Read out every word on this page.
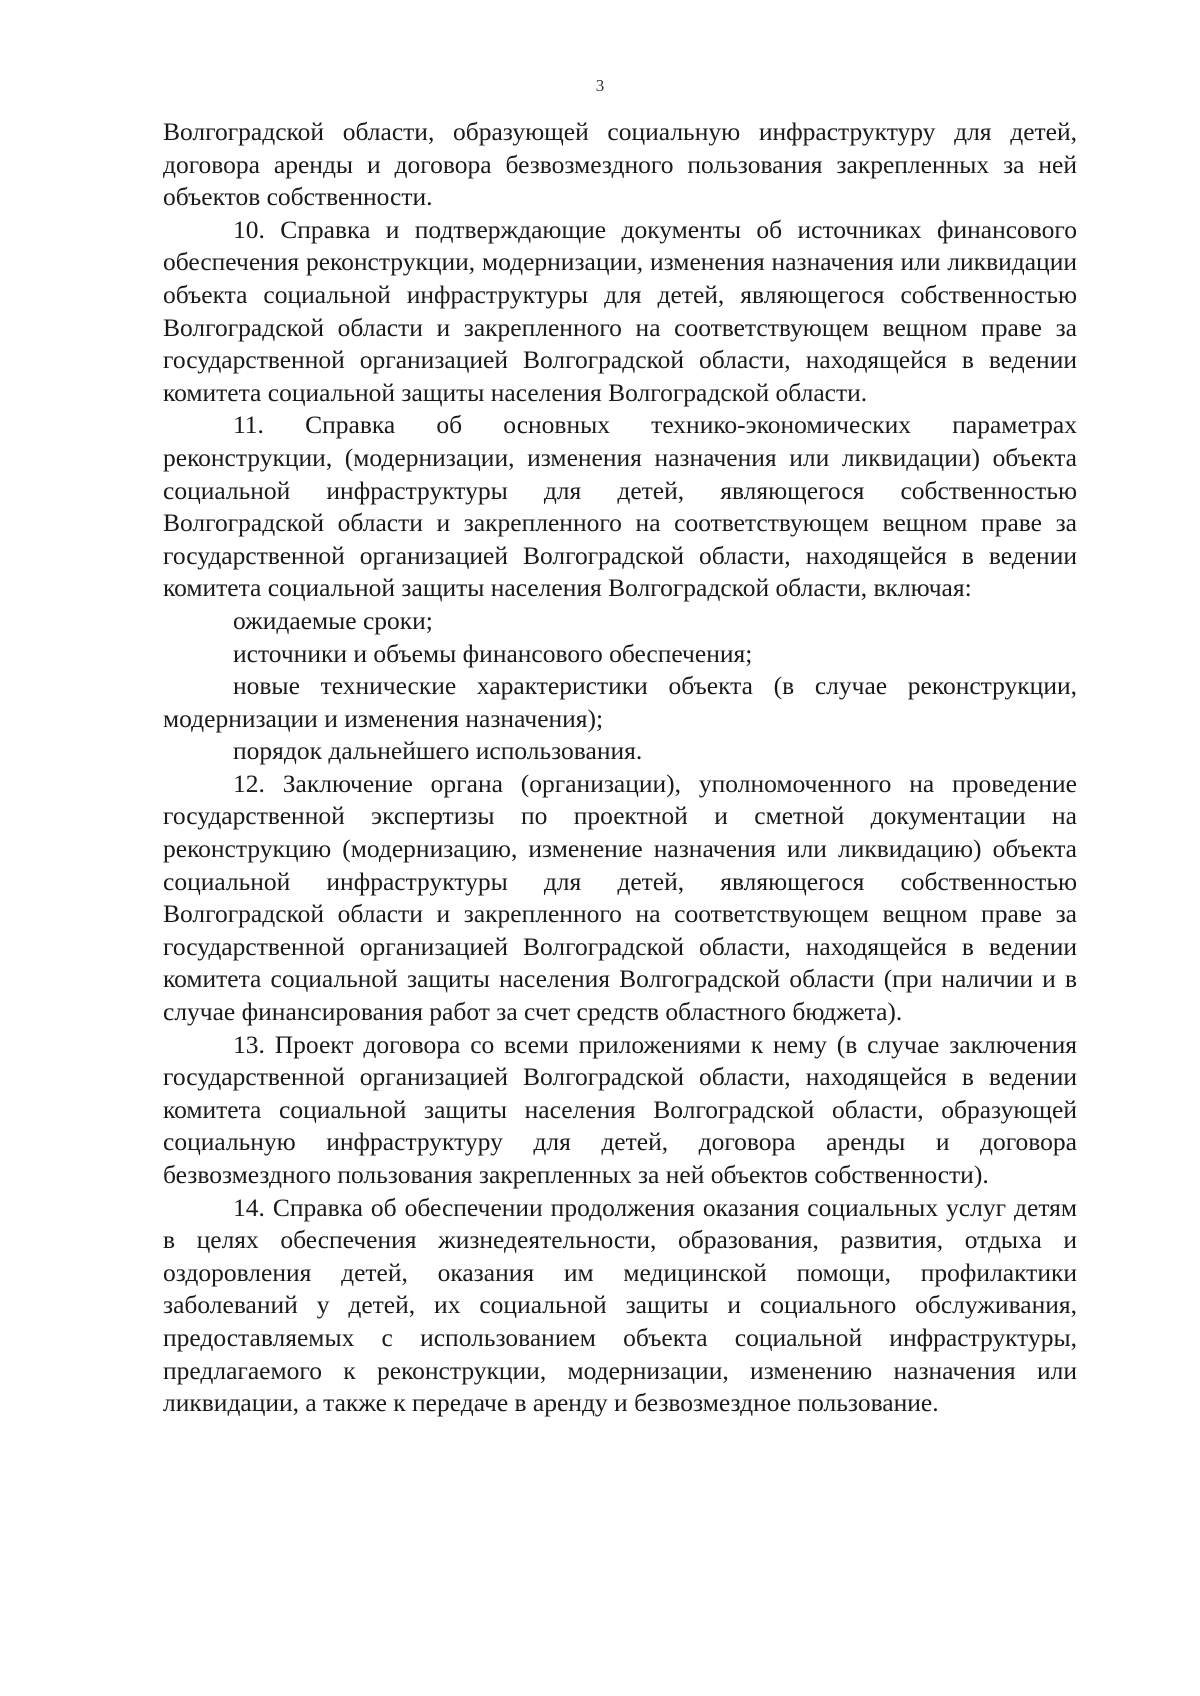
3

Волгоградской области, образующей социальную инфраструктуру для детей, договора аренды и договора безвозмездного пользования закрепленных за ней объектов собственности.

10. Справка и подтверждающие документы об источниках финансового обеспечения реконструкции, модернизации, изменения назначения или ликвидации объекта социальной инфраструктуры для детей, являющегося собственностью Волгоградской области и закрепленного на соответствующем вещном праве за государственной организацией Волгоградской области, находящейся в ведении комитета социальной защиты населения Волгоградской области.

11. Справка об основных технико-экономических параметрах реконструкции, (модернизации, изменения назначения или ликвидации) объекта социальной инфраструктуры для детей, являющегося собственностью Волгоградской области и закрепленного на соответствующем вещном праве за государственной организацией Волгоградской области, находящейся в ведении комитета социальной защиты населения Волгоградской области, включая:

ожидаемые сроки;

источники и объемы финансового обеспечения;

новые технические характеристики объекта (в случае реконструкции, модернизации и изменения назначения);

порядок дальнейшего использования.

12. Заключение органа (организации), уполномоченного на проведение государственной экспертизы по проектной и сметной документации на реконструкцию (модернизацию, изменение назначения или ликвидацию) объекта социальной инфраструктуры для детей, являющегося собственностью Волгоградской области и закрепленного на соответствующем вещном праве за государственной организацией Волгоградской области, находящейся в ведении комитета социальной защиты населения Волгоградской области (при наличии и в случае финансирования работ за счет средств областного бюджета).

13. Проект договора со всеми приложениями к нему (в случае заключения государственной организацией Волгоградской области, находящейся в ведении комитета социальной защиты населения Волгоградской области, образующей социальную инфраструктуру для детей, договора аренды и договора безвозмездного пользования закрепленных за ней объектов собственности).

14. Справка об обеспечении продолжения оказания социальных услуг детям в целях обеспечения жизнедеятельности, образования, развития, отдыха и оздоровления детей, оказания им медицинской помощи, профилактики заболеваний у детей, их социальной защиты и социального обслуживания, предоставляемых с использованием объекта социальной инфраструктуры, предлагаемого к реконструкции, модернизации, изменению назначения или ликвидации, а также к передаче в аренду и безвозмездное пользование.
